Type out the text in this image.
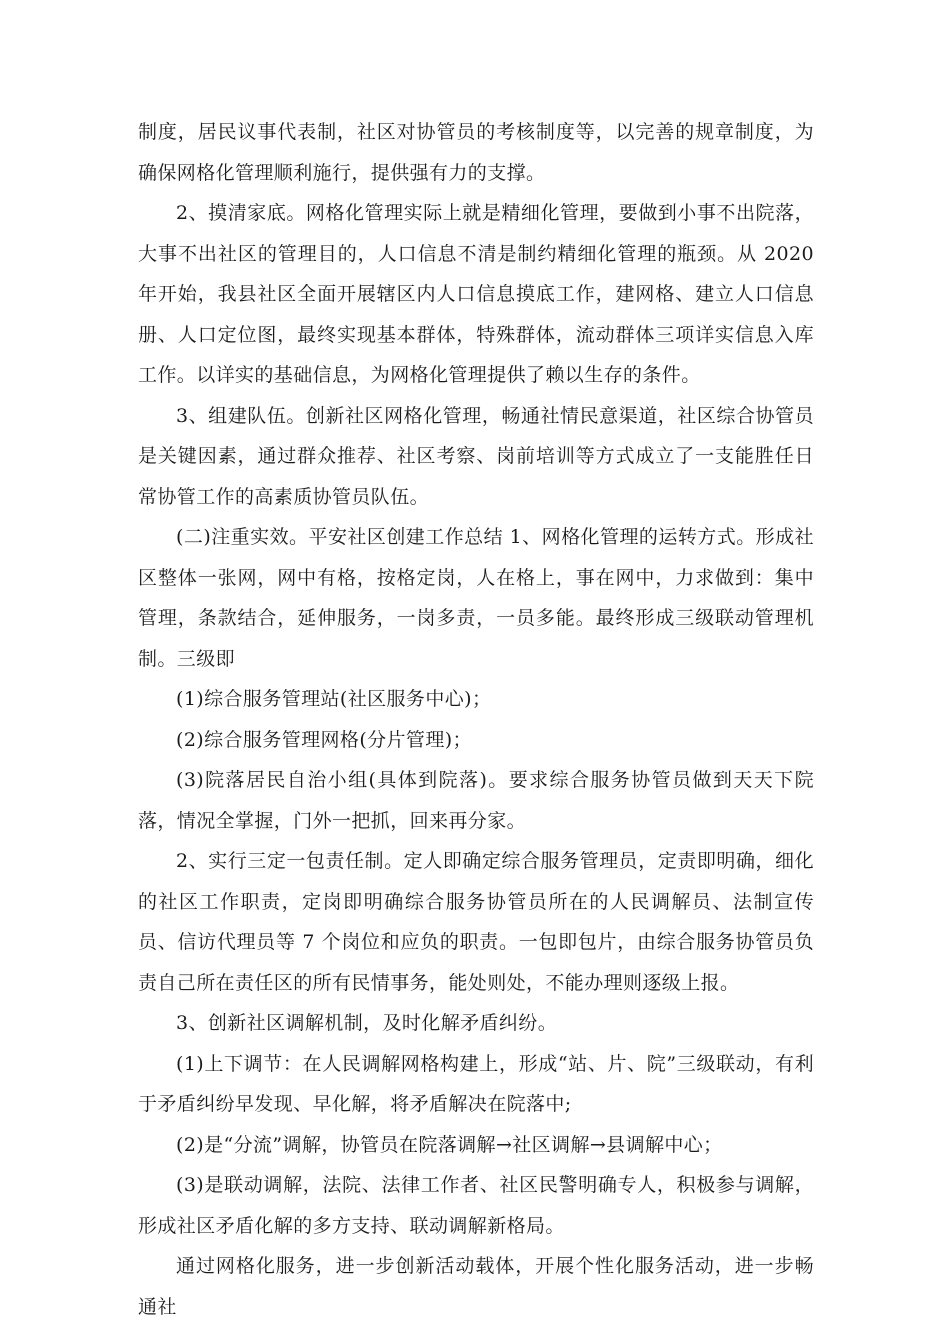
制度，居民议事代表制，社区对协管员的考核制度等，以完善的规章制度，为确保网格化管理顺利施行，提供强有力的支撑。

2、摸清家底。网格化管理实际上就是精细化管理，要做到小事不出院落，大事不出社区的管理目的，人口信息不清是制约精细化管理的瓶颈。从 2020 年开始，我县社区全面开展辖区内人口信息摸底工作，建网格、建立人口信息册、人口定位图，最终实现基本群体，特殊群体，流动群体三项详实信息入库工作。以详实的基础信息，为网格化管理提供了赖以生存的条件。

3、组建队伍。创新社区网格化管理，畅通社情民意渠道，社区综合协管员是关键因素，通过群众推荐、社区考察、岗前培训等方式成立了一支能胜任日常协管工作的高素质协管员队伍。

(二)注重实效。平安社区创建工作总结 1、网格化管理的运转方式。形成社区整体一张网，网中有格，按格定岗，人在格上，事在网中，力求做到：集中管理，条款结合，延伸服务，一岗多责，一员多能。最终形成三级联动管理机制。三级即

(1)综合服务管理站(社区服务中心)；

(2)综合服务管理网格(分片管理)；

(3)院落居民自治小组(具体到院落)。要求综合服务协管员做到天天下院落，情况全掌握，门外一把抓，回来再分家。

2、实行三定一包责任制。定人即确定综合服务管理员，定责即明确，细化的社区工作职责，定岗即明确综合服务协管员所在的人民调解员、法制宣传员、信访代理员等 7 个岗位和应负的职责。一包即包片，由综合服务协管员负责自己所在责任区的所有民情事务，能处则处，不能办理则逐级上报。

3、创新社区调解机制，及时化解矛盾纠纷。

(1)上下调节：在人民调解网格构建上，形成“站、片、院”三级联动，有利于矛盾纠纷早发现、早化解，将矛盾解决在院落中;

(2)是“分流”调解，协管员在院落调解→社区调解→县调解中心；

(3)是联动调解，法院、法律工作者、社区民警明确专人，积极参与调解，形成社区矛盾化解的多方支持、联动调解新格局。

通过网格化服务，进一步创新活动载体，开展个性化服务活动，进一步畅通社
